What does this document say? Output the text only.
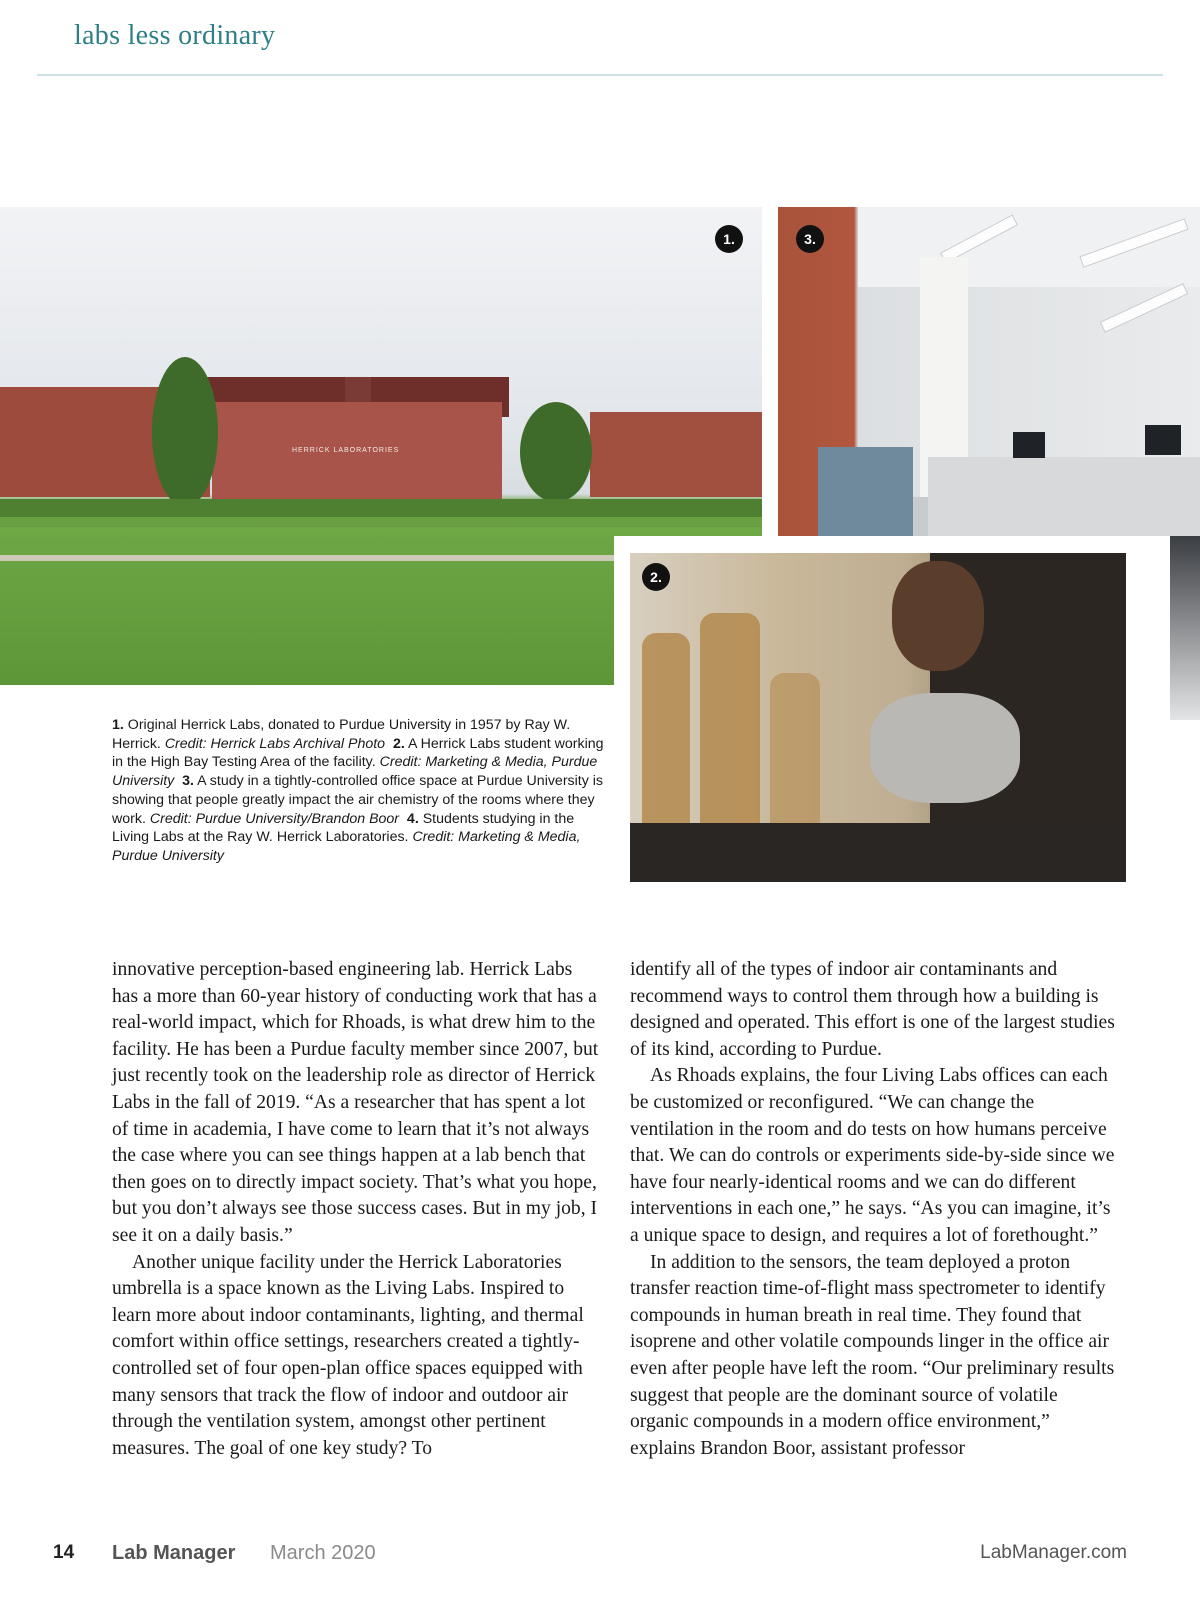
labs less ordinary
HERRICK LABORATORIES
1.	3.
2.
1. Original Herrick Labs, donated to Purdue University in 1957 by Ray W. Herrick. Credit: Herrick Labs Archival Photo  2. A Herrick Labs student working in the High Bay Testing Area of the facility. Credit: Marketing & Media, Purdue University  3. A study in a tightly-controlled office space at Purdue University is showing that people greatly impact the air chemistry of the rooms where they work. Credit: Purdue University/Brandon Boor  4. Students studying in the Living Labs at the Ray W. Herrick Laboratories. Credit: Marketing & Media, Purdue University

innovative perception-based engineering lab. Herrick Labs has a more than 60-year history of conducting work that has a real-world impact, which for Rhoads, is what drew him to the facility. He has been a Purdue faculty member since 2007, but just recently took on the leadership role as director of Herrick Labs in the fall of 2019. “As a researcher that has spent a lot of time in academia, I have come to learn that it’s not always the case where you can see things happen at a lab bench that then goes on to directly impact society. That’s what you hope, but you don’t always see those success cases. But in my job, I see it on a daily basis.”

Another unique facility under the Herrick Laboratories umbrella is a space known as the Living Labs. Inspired to learn more about indoor contaminants, lighting, and thermal comfort within office settings, researchers created a tightly-controlled set of four open-plan office spaces equipped with many sensors that track the flow of indoor and outdoor air through the ventilation system, amongst other pertinent measures. The goal of one key study? To

identify all of the types of indoor air contaminants and recommend ways to control them through how a building is designed and operated. This effort is one of the largest studies of its kind, according to Purdue.

As Rhoads explains, the four Living Labs offices can each be customized or reconfigured. “We can change the ventilation in the room and do tests on how humans perceive that. We can do controls or experiments side-by-side since we have four nearly-identical rooms and we can do different interventions in each one,” he says. “As you can imagine, it’s a unique space to design, and requires a lot of forethought.”

In addition to the sensors, the team deployed a proton transfer reaction time-of-flight mass spectrometer to identify compounds in human breath in real time. They found that isoprene and other volatile compounds linger in the office air even after people have left the room. “Our preliminary results suggest that people are the dominant source of volatile organic compounds in a modern office environment,” explains Brandon Boor, assistant professor

14 Lab Manager March 2020	LabManager.com
